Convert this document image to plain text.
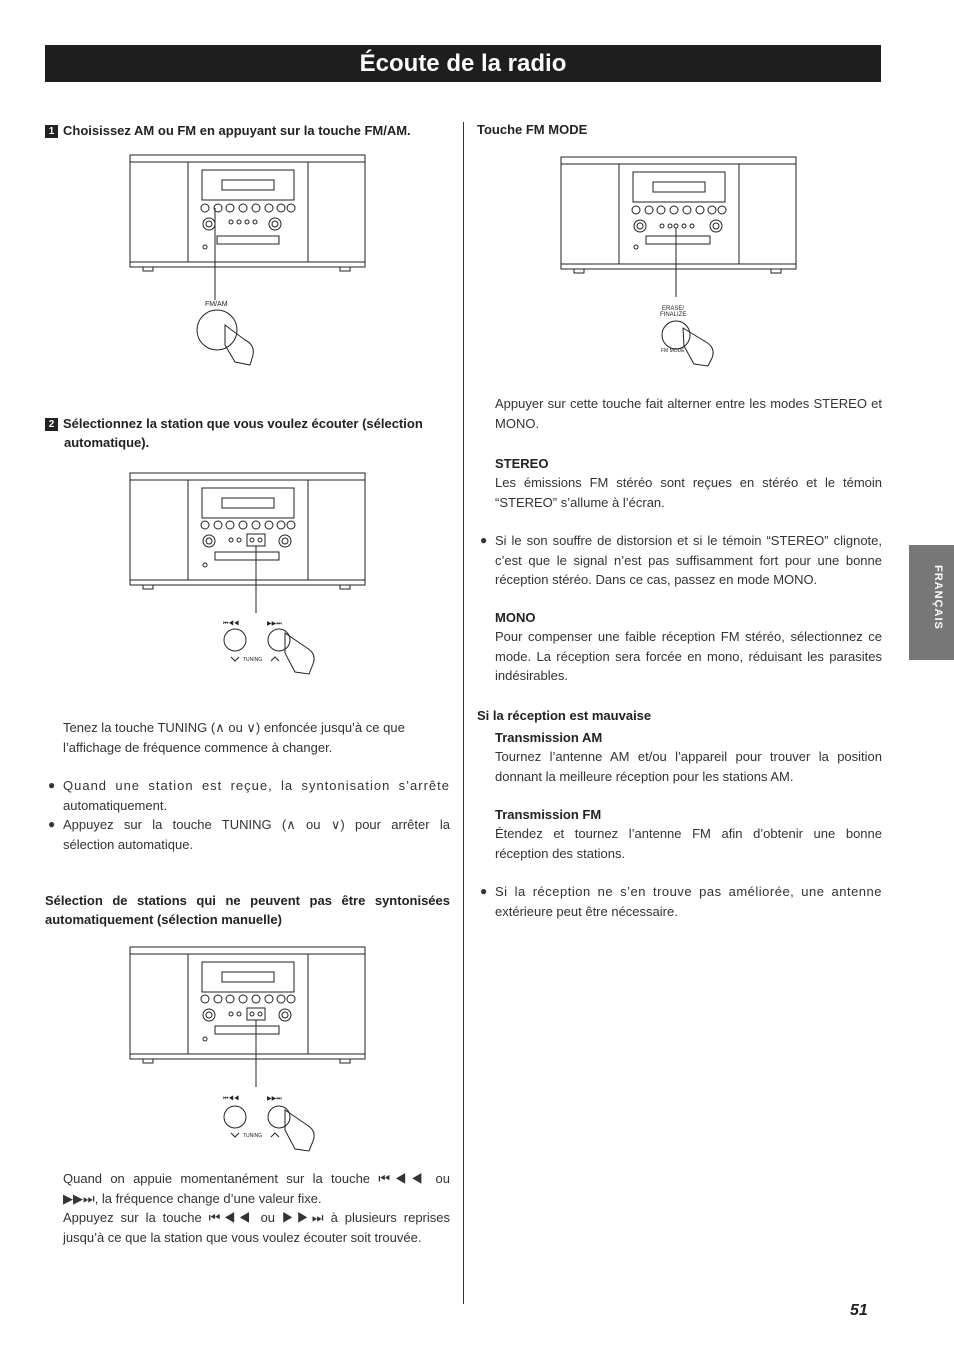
Écoute de la radio
FRANÇAIS
1 Choisissez AM ou FM en appuyant sur la touche FM/AM.
FM/AM
2 Sélectionnez la station que vous voulez écouter (sélection
automatique).
⏮◀◀	▶▶⏭
TUNING
Tenez la touche TUNING (∧ ou ∨) enfoncée jusqu’à ce que
l’affichage de fréquence commence à changer.
● Quand une station est reçue, la syntonisation s’arrête
automatiquement.
● Appuyez sur la touche TUNING (∧ ou ∨) pour arrêter la
sélection automatique.
Sélection de stations qui ne peuvent pas être syntonisées
automatiquement (sélection manuelle)
⏮◀◀	▶▶⏭
TUNING
Quand on appuie momentanément sur la touche ⏮◀◀ ou
▶▶⏭, la fréquence change d’une valeur fixe.
Appuyez sur la touche ⏮◀◀ ou ▶▶⏭ à plusieurs reprises
jusqu’à ce que la station que vous voulez écouter soit trouvée.
Touche FM MODE
ERASE/
FINALIZE
FM MODE
Appuyer sur cette touche fait alterner entre les modes STEREO et
MONO.
STEREO
Les émissions FM stéréo sont reçues en stéréo et le témoin
“STEREO” s’allume à l’écran.
● Si le son souffre de distorsion et si le témoin “STEREO” clignote,
c’est que le signal n’est pas suffisamment fort pour une bonne
réception stéréo. Dans ce cas, passez en mode MONO.
MONO
Pour compenser une faible réception FM stéréo, sélectionnez ce
mode. La réception sera forcée en mono, réduisant les parasites
indésirables.
Si la réception est mauvaise
Transmission AM
Tournez l’antenne AM et/ou l’appareil pour trouver la position
donnant la meilleure réception pour les stations AM.
Transmission FM
Étendez et tournez l’antenne FM afin d’obtenir une bonne
réception des stations.
● Si la réception ne s’en trouve pas améliorée, une antenne
extérieure peut être nécessaire.
51
